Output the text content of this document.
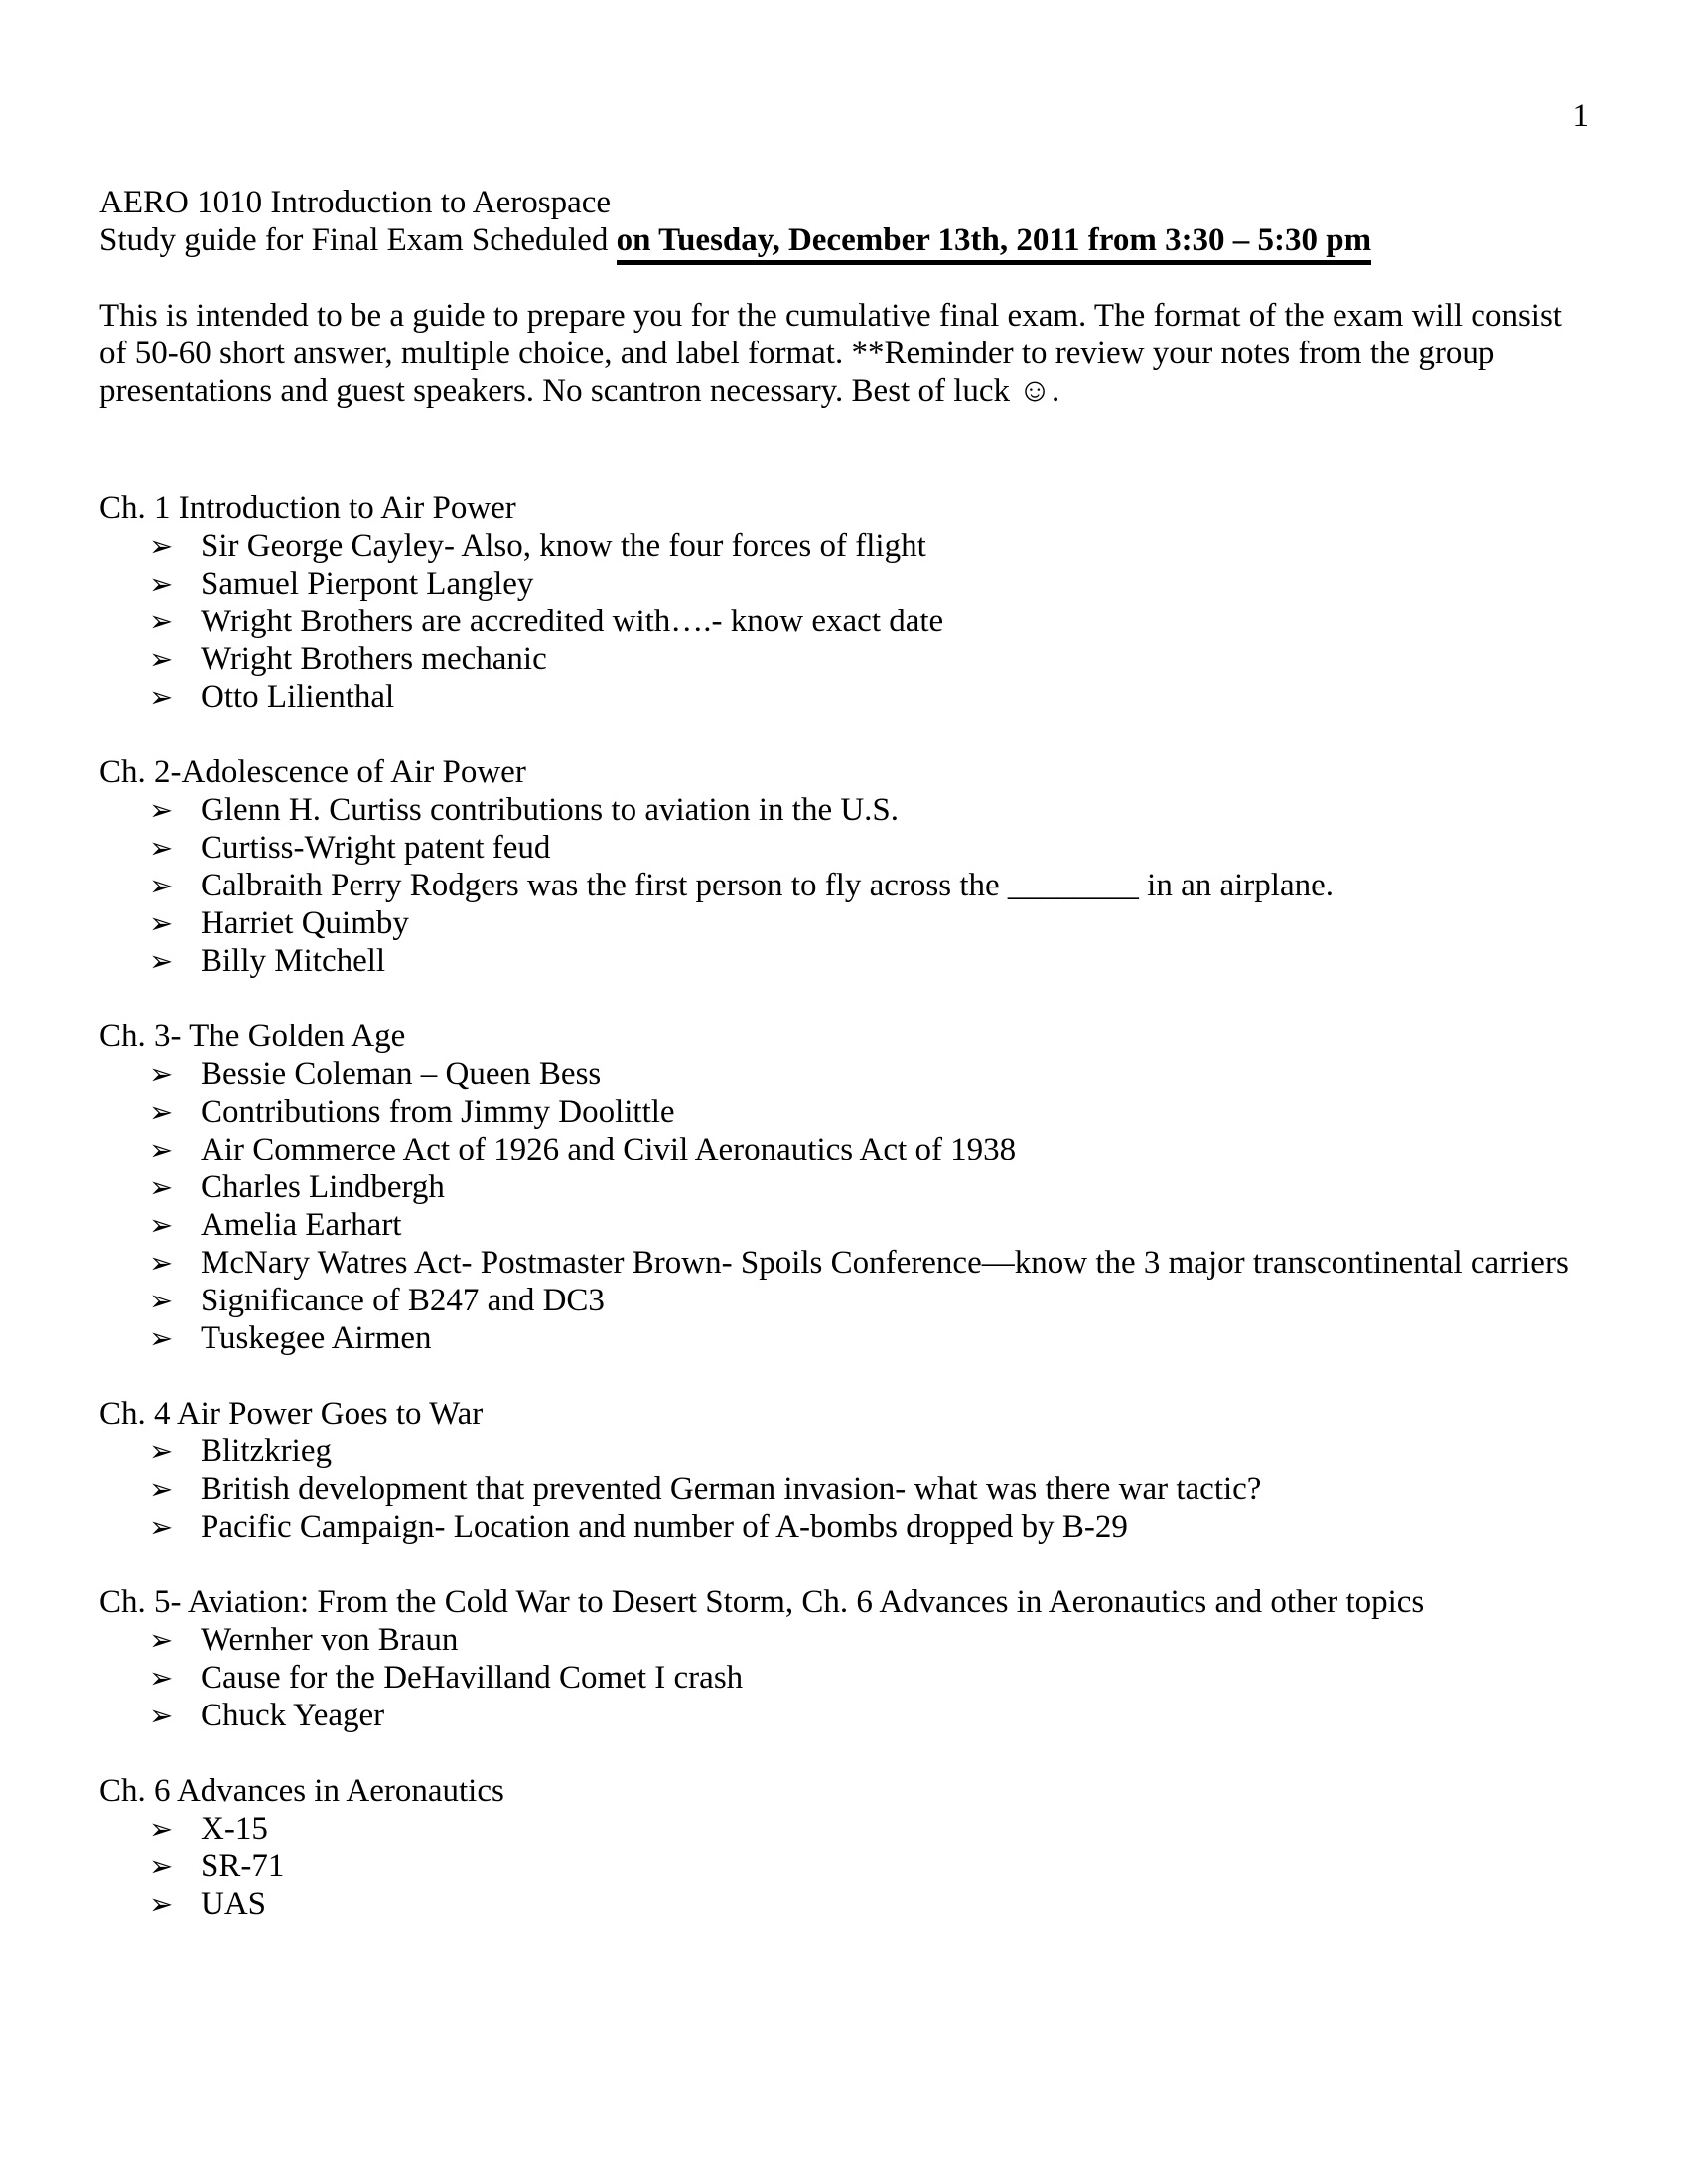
1
AERO 1010 Introduction to Aerospace
Study guide for Final Exam Scheduled on Tuesday, December 13th, 2011 from 3:30 – 5:30 pm
This is intended to be a guide to prepare you for the cumulative final exam. The format of the exam will consist
of 50-60 short answer, multiple choice, and label format. **Reminder to review your notes from the group
presentations and guest speakers. No scantron necessary. Best of luck ☺.
Ch. 1 Introduction to Air Power
➢ Sir George Cayley- Also, know the four forces of flight
➢ Samuel Pierpont Langley
➢ Wright Brothers are accredited with….- know exact date
➢ Wright Brothers mechanic
➢ Otto Lilienthal
Ch. 2-Adolescence of Air Power
➢ Glenn H. Curtiss contributions to aviation in the U.S.
➢ Curtiss-Wright patent feud
➢ Calbraith Perry Rodgers was the first person to fly across the ________ in an airplane.
➢ Harriet Quimby
➢ Billy Mitchell
Ch. 3- The Golden Age
➢ Bessie Coleman – Queen Bess
➢ Contributions from Jimmy Doolittle
➢ Air Commerce Act of 1926 and Civil Aeronautics Act of 1938
➢ Charles Lindbergh
➢ Amelia Earhart
➢ McNary Watres Act- Postmaster Brown- Spoils Conference—know the 3 major transcontinental carriers
➢ Significance of B247 and DC3
➢ Tuskegee Airmen
Ch. 4 Air Power Goes to War
➢ Blitzkrieg
➢ British development that prevented German invasion- what was there war tactic?
➢ Pacific Campaign- Location and number of A-bombs dropped by B-29
Ch. 5- Aviation: From the Cold War to Desert Storm, Ch. 6 Advances in Aeronautics and other topics
➢ Wernher von Braun
➢ Cause for the DeHavilland Comet I crash
➢ Chuck Yeager
Ch. 6 Advances in Aeronautics
➢ X-15
➢ SR-71
➢ UAS
